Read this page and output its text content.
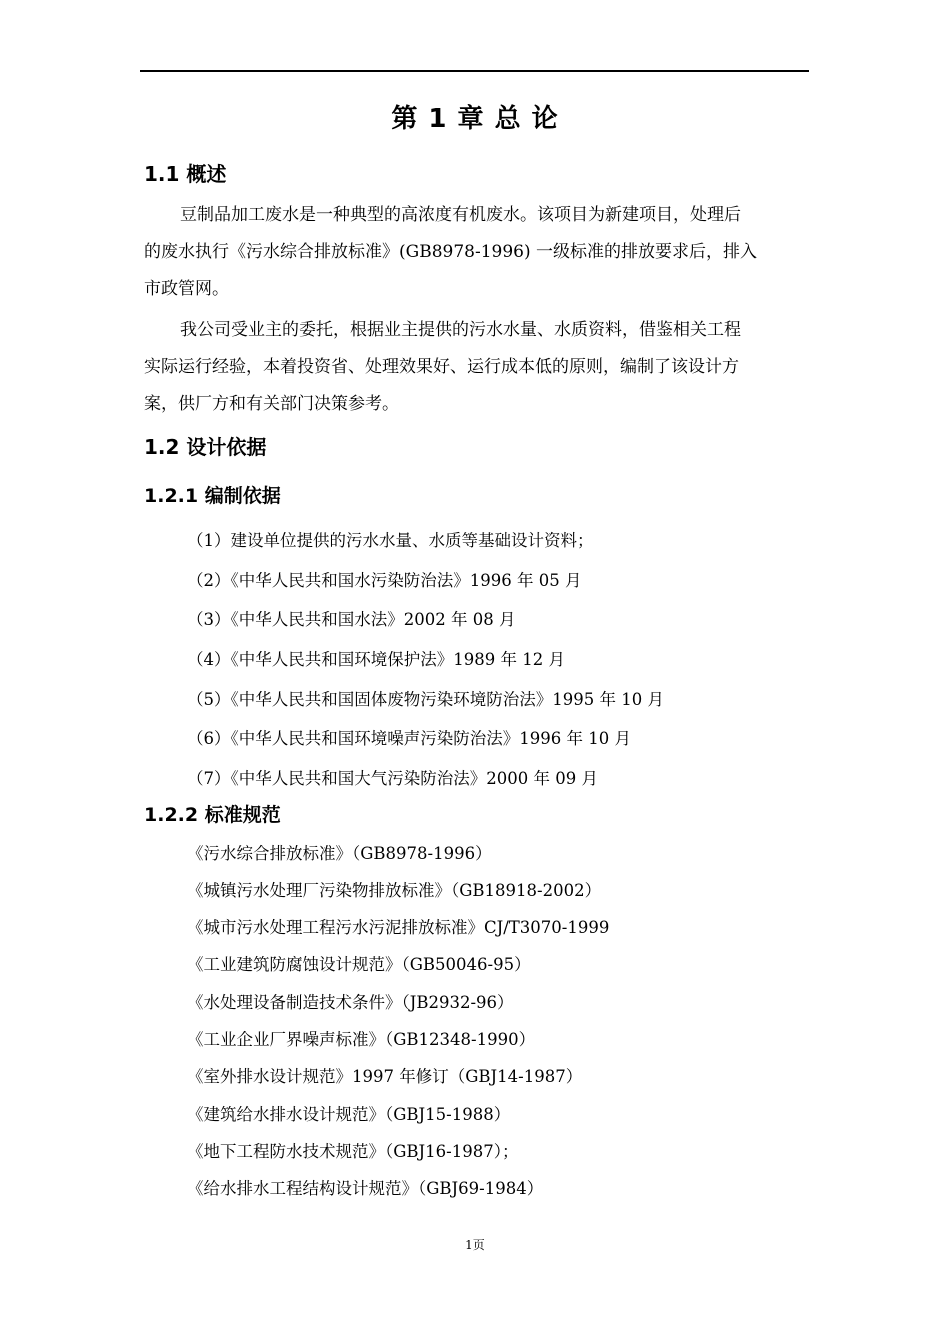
第 1 章 总 论
1.1 概述
豆制品加工废水是一种典型的高浓度有机废水。该项目为新建项目，处理后
的废水执行《污水综合排放标准》(GB8978-1996) 一级标准的排放要求后，排入
市政管网。
我公司受业主的委托，根据业主提供的污水水量、水质资料，借鉴相关工程
实际运行经验，本着投资省、处理效果好、运行成本低的原则，编制了该设计方
案，供厂方和有关部门决策参考。
1.2 设计依据
1.2.1 编制依据
（1）建设单位提供的污水水量、水质等基础设计资料；
（2）《中华人民共和国水污染防治法》1996 年 05 月
（3）《中华人民共和国水法》2002 年 08 月
（4）《中华人民共和国环境保护法》1989 年 12 月
（5）《中华人民共和国固体废物污染环境防治法》1995 年 10 月
（6）《中华人民共和国环境噪声污染防治法》1996 年 10 月
（7）《中华人民共和国大气污染防治法》2000 年 09 月
1.2.2 标准规范
《污水综合排放标准》（GB8978-1996）
《城镇污水处理厂污染物排放标准》（GB18918-2002）
《城市污水处理工程污水污泥排放标准》CJ/T3070-1999
《工业建筑防腐蚀设计规范》（GB50046-95）
《水处理设备制造技术条件》（JB2932-96）
《工业企业厂界噪声标准》（GB12348-1990）
《室外排水设计规范》1997 年修订（GBJ14-1987）
《建筑给水排水设计规范》（GBJ15-1988）
《地下工程防水技术规范》（GBJ16-1987）；
《给水排水工程结构设计规范》（GBJ69-1984）
1页
